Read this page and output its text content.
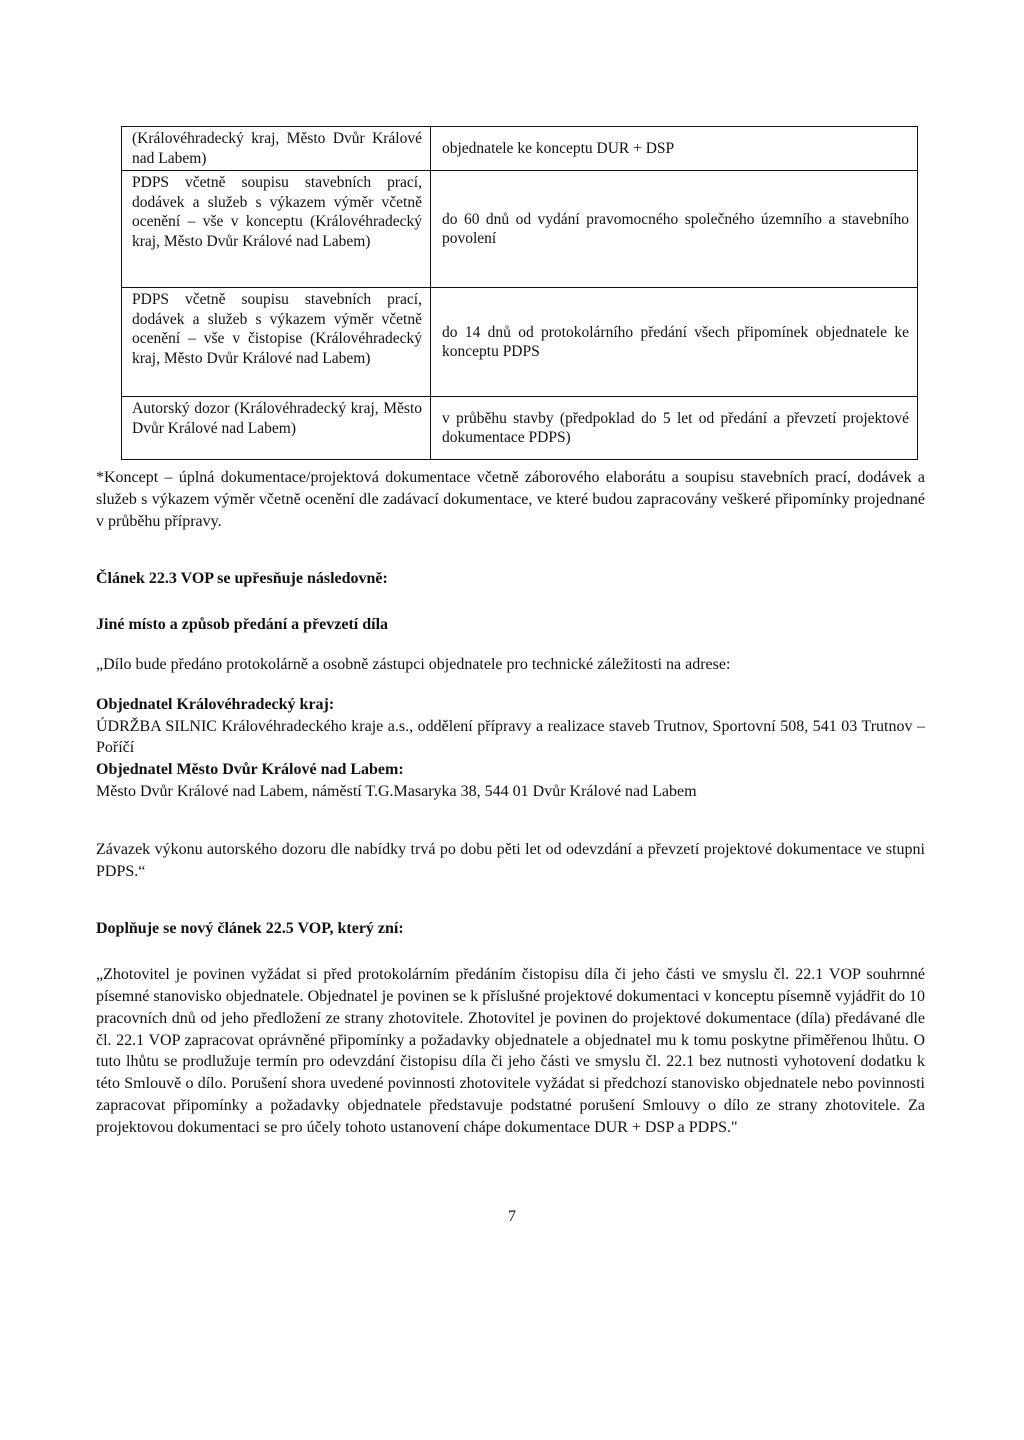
(Královéhradecký kraj, Město Dvůr Králové nad Labem)	objednatele ke konceptu DUR + DSP
PDPS včetně soupisu stavebních prací, dodávek a služeb s výkazem výměr včetně ocenění – vše v konceptu (Královéhradecký kraj, Město Dvůr Králové nad Labem)	do 60 dnů od vydání pravomocného společného územního a stavebního povolení
PDPS včetně soupisu stavebních prací, dodávek a služeb s výkazem výměr včetně ocenění – vše v čistopise (Královéhradecký kraj, Město Dvůr Králové nad Labem)	do 14 dnů od protokolárního předání všech připomínek objednatele ke konceptu PDPS
Autorský dozor (Královéhradecký kraj, Město Dvůr Králové nad Labem)	v průběhu stavby (předpoklad do 5 let od předání a převzetí projektové dokumentace PDPS)

*Koncept – úplná dokumentace/projektová dokumentace včetně záborového elaborátu a soupisu stavebních prací, dodávek a služeb s výkazem výměr včetně ocenění dle zadávací dokumentace, ve které budou zapracovány veškeré připomínky projednané v průběhu přípravy.

Článek 22.3 VOP se upřesňuje následovně:

Jiné místo a způsob předání a převzetí díla

„Dílo bude předáno protokolárně a osobně zástupci objednatele pro technické záležitosti na adrese:

Objednatel Královéhradecký kraj:

ÚDRŽBA SILNIC Královéhradeckého kraje a.s., oddělení přípravy a realizace staveb Trutnov, Sportovní 508, 541 03 Trutnov – Poříčí

Objednatel Město Dvůr Králové nad Labem:

Město Dvůr Králové nad Labem, náměstí T.G.Masaryka 38, 544 01 Dvůr Králové nad Labem

Závazek výkonu autorského dozoru dle nabídky trvá po dobu pěti let od odevzdání a převzetí projektové dokumentace ve stupni PDPS.“

Doplňuje se nový článek 22.5 VOP, který zní:

„Zhotovitel je povinen vyžádat si před protokolárním předáním čistopisu díla či jeho části ve smyslu čl. 22.1 VOP souhrnné písemné stanovisko objednatele. Objednatel je povinen se k příslušné projektové dokumentaci v konceptu písemně vyjádřit do 10 pracovních dnů od jeho předložení ze strany zhotovitele. Zhotovitel je povinen do projektové dokumentace (díla) předávané dle čl. 22.1 VOP zapracovat oprávněné připomínky a požadavky objednatele a objednatel mu k tomu poskytne přiměřenou lhůtu. O tuto lhůtu se prodlužuje termín pro odevzdání čistopisu díla či jeho části ve smyslu čl. 22.1 bez nutnosti vyhotovení dodatku k této Smlouvě o dílo. Porušení shora uvedené povinnosti zhotovitele vyžádat si předchozí stanovisko objednatele nebo povinnosti zapracovat připomínky a požadavky objednatele představuje podstatné porušení Smlouvy o dílo ze strany zhotovitele. Za projektovou dokumentaci se pro účely tohoto ustanovení chápe dokumentace DUR + DSP a PDPS."

7
